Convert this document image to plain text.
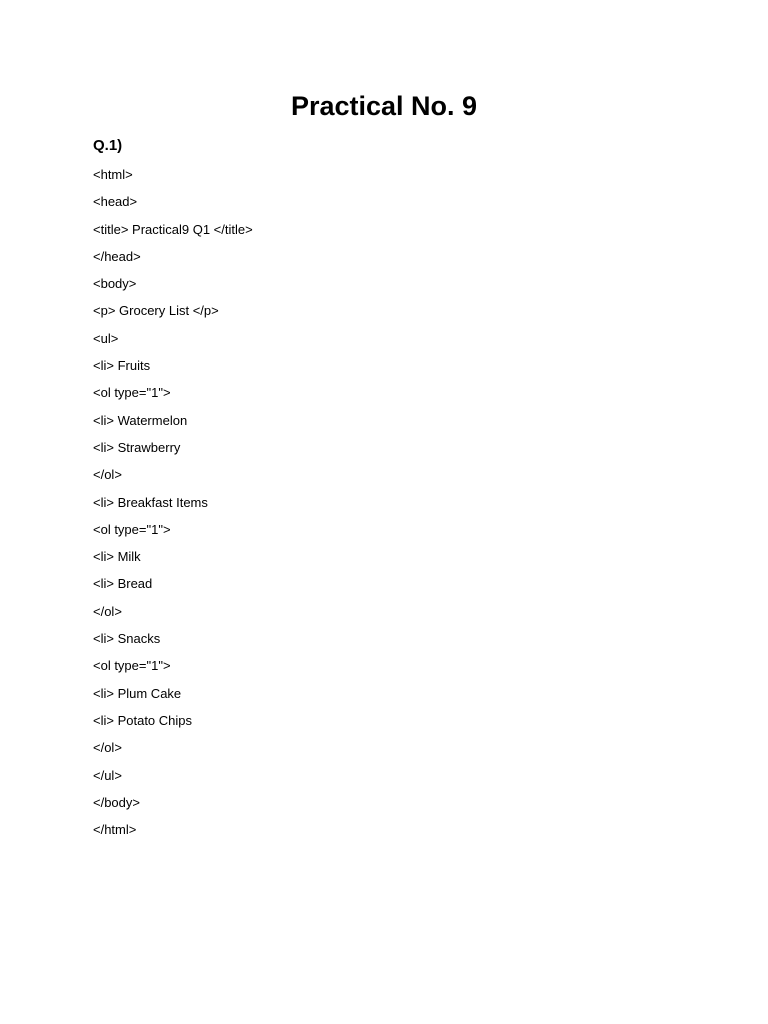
Practical No. 9

Q.1)

<html>
<head>
<title> Practical9 Q1 </title>
</head>
<body>
<p> Grocery List </p>
<ul>
<li> Fruits
<ol type="1">
<li> Watermelon
<li> Strawberry
</ol>
<li> Breakfast Items
<ol type="1">
<li> Milk
<li> Bread
</ol>
<li> Snacks
<ol type="1">
<li> Plum Cake
<li> Potato Chips
</ol>
</ul>
</body>
</html>
